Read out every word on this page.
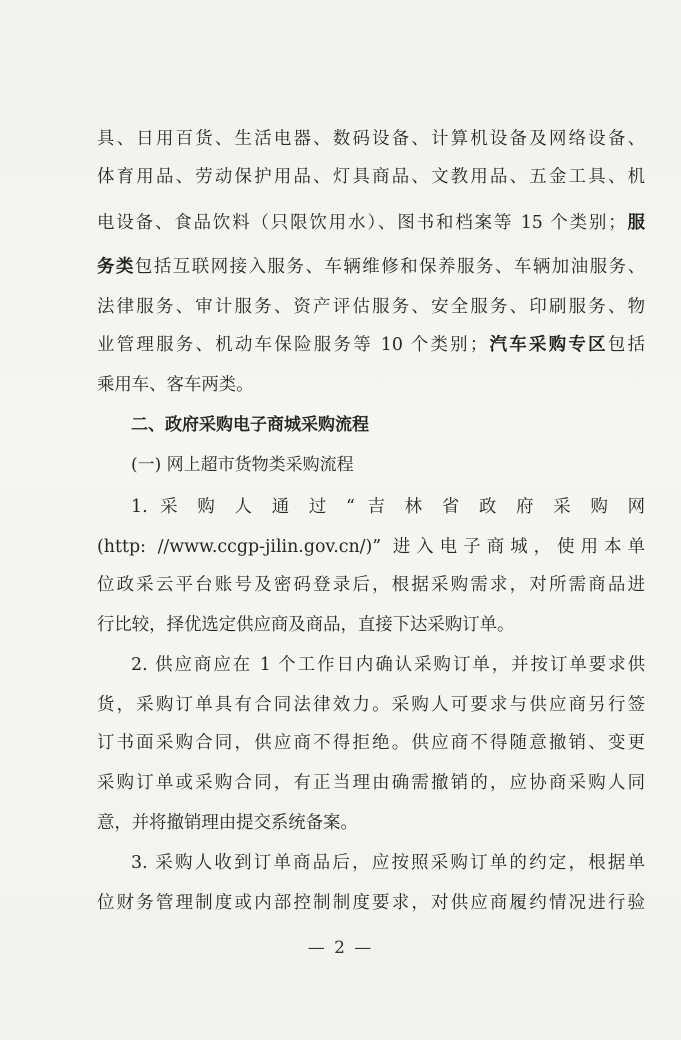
具、日用百货、生活电器、数码设备、计算机设备及网络设备、
体育用品、劳动保护用品、灯具商品、文教用品、五金工具、机
电设备、食品饮料（只限饮用水）、图书和档案等 15 个类别；服
务类包括互联网接入服务、车辆维修和保养服务、车辆加油服务、
法律服务、审计服务、资产评估服务、安全服务、印刷服务、物
业管理服务、机动车保险服务等 10 个类别；汽车采购专区包括
乘用车、客车两类。
二、政府采购电子商城采购流程
(一) 网上超市货物类采购流程
1. 采 购 人 通 过 “ 吉 林 省 政 府 采 购 网
(http: //www.ccgp-jilin.gov.cn/)” 进入电子商城，使用本单
位政采云平台账号及密码登录后，根据采购需求，对所需商品进
行比较，择优选定供应商及商品，直接下达采购订单。
2. 供应商应在 1 个工作日内确认采购订单，并按订单要求供
货，采购订单具有合同法律效力。采购人可要求与供应商另行签
订书面采购合同，供应商不得拒绝。供应商不得随意撤销、变更
采购订单或采购合同，有正当理由确需撤销的，应协商采购人同
意，并将撤销理由提交系统备案。
3. 采购人收到订单商品后，应按照采购订单的约定，根据单
位财务管理制度或内部控制制度要求，对供应商履约情况进行验
— 2 —
